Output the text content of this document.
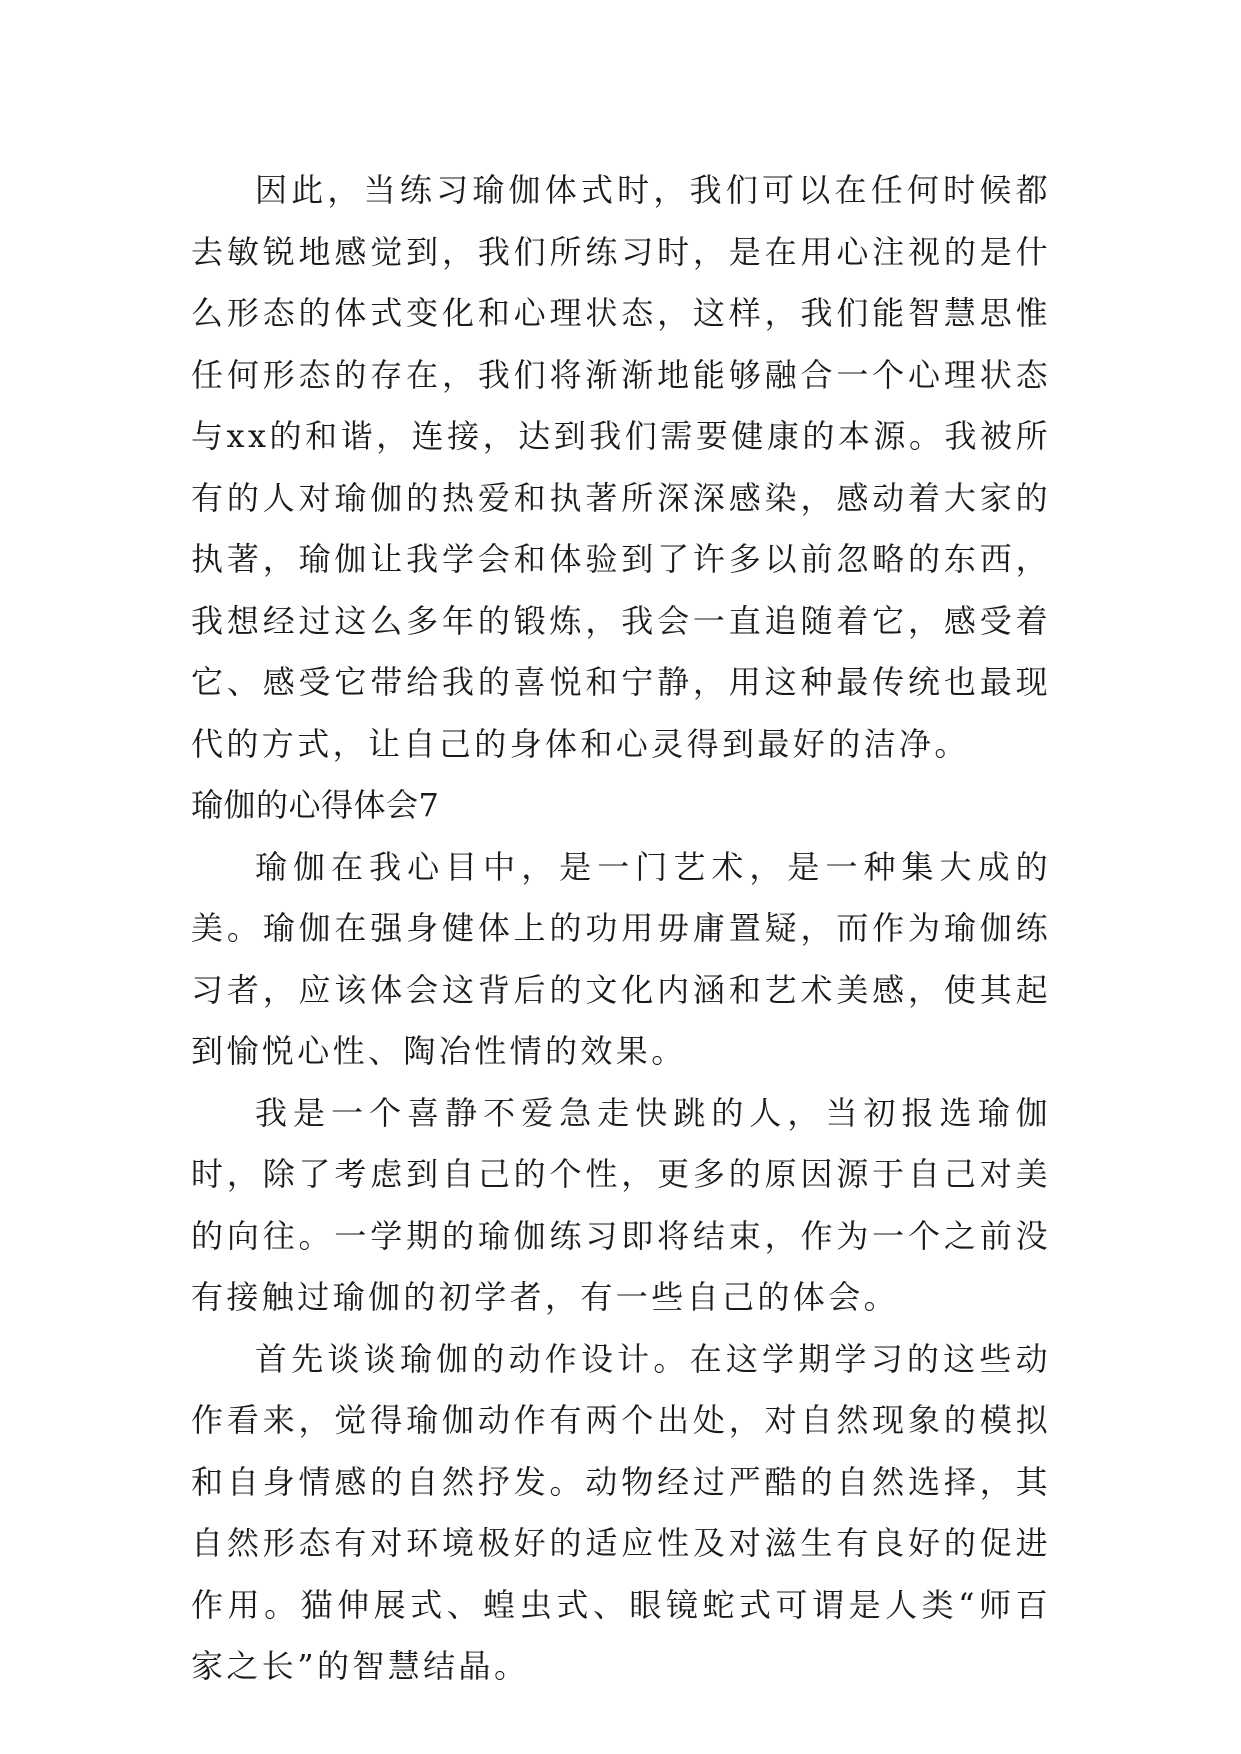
因此，当练习瑜伽体式时，我们可以在任何时候都去敏锐地感觉到，我们所练习时，是在用心注视的是什么形态的体式变化和心理状态，这样，我们能智慧思惟任何形态的存在，我们将渐渐地能够融合一个心理状态与xx的和谐，连接，达到我们需要健康的本源。我被所有的人对瑜伽的热爱和执著所深深感染，感动着大家的执著，瑜伽让我学会和体验到了许多以前忽略的东西，我想经过这么多年的锻炼，我会一直追随着它，感受着它、感受它带给我的喜悦和宁静，用这种最传统也最现代的方式，让自己的身体和心灵得到最好的洁净。

瑜伽的心得体会7

瑜伽在我心目中，是一门艺术，是一种集大成的美。瑜伽在强身健体上的功用毋庸置疑，而作为瑜伽练习者，应该体会这背后的文化内涵和艺术美感，使其起到愉悦心性、陶冶性情的效果。

我是一个喜静不爱急走快跳的人，当初报选瑜伽时，除了考虑到自己的个性，更多的原因源于自己对美的向往。一学期的瑜伽练习即将结束，作为一个之前没有接触过瑜伽的初学者，有一些自己的体会。

首先谈谈瑜伽的动作设计。在这学期学习的这些动作看来，觉得瑜伽动作有两个出处，对自然现象的模拟和自身情感的自然抒发。动物经过严酷的自然选择，其自然形态有对环境极好的适应性及对滋生有良好的促进作用。猫伸展式、蝗虫式、眼镜蛇式可谓是人类“师百家之长”的智慧结晶。
